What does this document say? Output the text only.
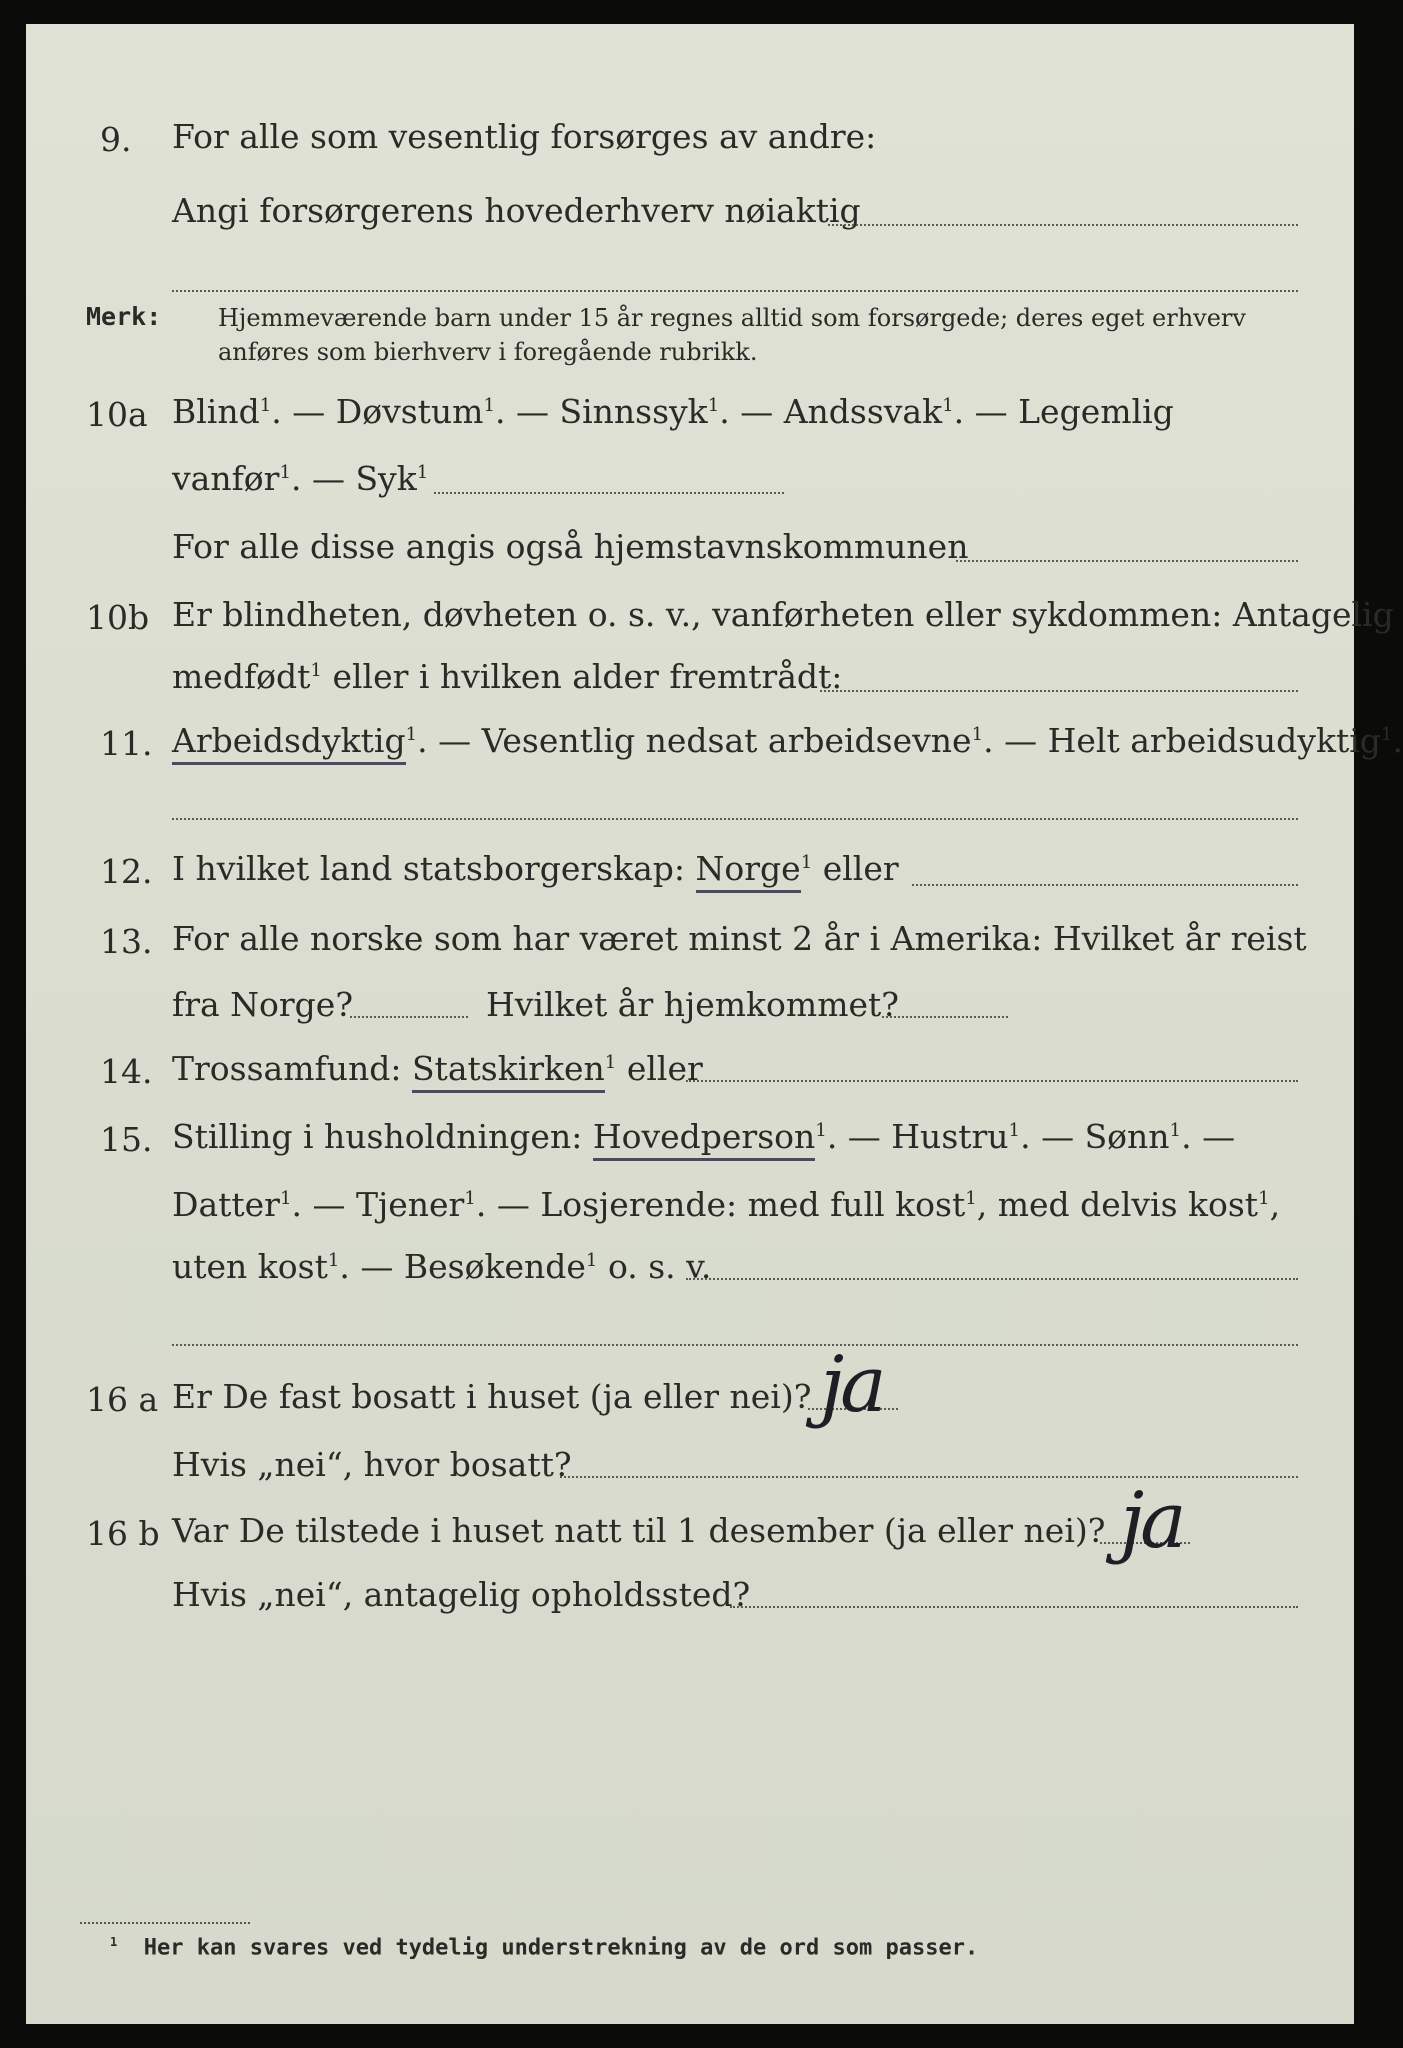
9. For alle som vesentlig forsørges av andre:
Angi forsørgerens hovederhverv nøiaktig
Merk: Hjemmeværende barn under 15 år regnes alltid som forsørgede; deres eget erhverv
anføres som bierhverv i foregående rubrikk.
10a Blind$^1$. — Døvstum$^1$. — Sinnssyk$^1$. — Andssvak$^1$. — Legemlig
vanfør$^1$. — Syk$^1$
For alle disse angis også hjemstavnskommunen
10b Er blindheten, døvheten o. s. v., vanførheten eller sykdommen: Antagelig
medfødt$^1$ eller i hvilken alder fremtrådt:
11. Arbeidsdyktig$^1$. — Vesentlig nedsat arbeidsevne$^1$. — Helt arbeidsudyktig$^1$.
12. I hvilket land statsborgerskap: Norge$^1$ eller
13. For alle norske som har været minst 2 år i Amerika: Hvilket år reist
fra Norge?	Hvilket år hjemkommet?
14. Trossamfund: Statskirken$^1$ eller
15. Stilling i husholdningen: Hovedperson$^1$. — Hustru$^1$. — Sønn$^1$. —
Datter$^1$. — Tjener$^1$. — Losjerende: med full kost$^1$, med delvis kost$^1$,
uten kost$^1$. — Besøkende$^1$ o. s. v.
16 a Er De fast bosatt i huset (ja eller nei)? ja
Hvis „nei“, hvor bosatt?
16 b Var De tilstede i huset natt til 1 desember (ja eller nei)? ja
Hvis „nei“, antagelig opholdssted?
$^1$ Her kan svares ved tydelig understrekning av de ord som passer.
